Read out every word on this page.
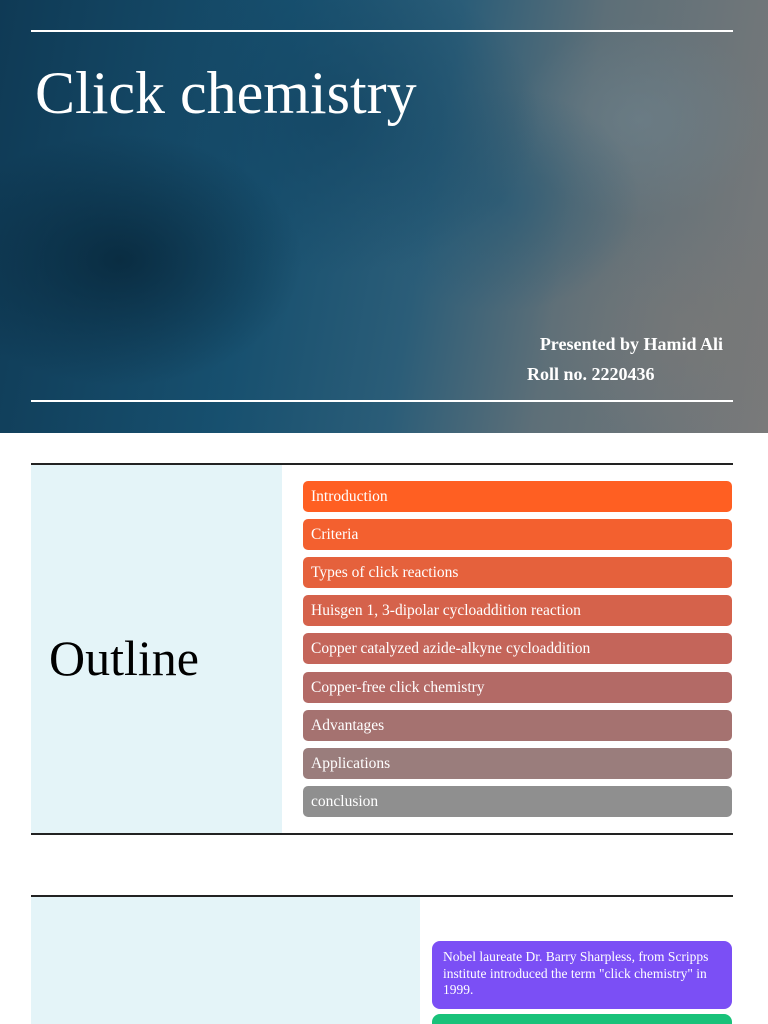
Click chemistry
Presented by Hamid Ali
Roll no. 2220436
Outline
Introduction
Criteria
Types of click reactions
Huisgen 1, 3-dipolar cycloaddition reaction
Copper catalyzed azide-alkyne cycloaddition
Copper-free click chemistry
Advantages
Applications
conclusion
Nobel laureate Dr. Barry Sharpless, from Scripps institute introduced the term "click chemistry" in 1999.
